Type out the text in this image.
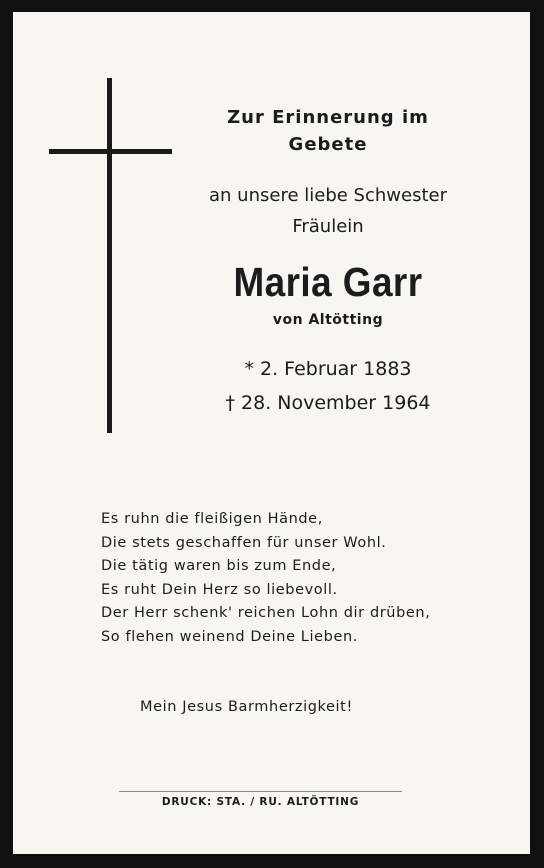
Zur Erinnerung im
Gebete

an unsere liebe Schwester
Fräulein

Maria Garr

von Altötting

* 2. Februar 1883
† 28. November 1964

Es ruhn die fleißigen Hände,
Die stets geschaffen für unser Wohl.
Die tätig waren bis zum Ende,
Es ruht Dein Herz so liebevoll.
Der Herr schenk' reichen Lohn dir drüben,
So flehen weinend Deine Lieben.

Mein Jesus Barmherzigkeit!

DRUCK: STA. / RU. ALTÖTTING
